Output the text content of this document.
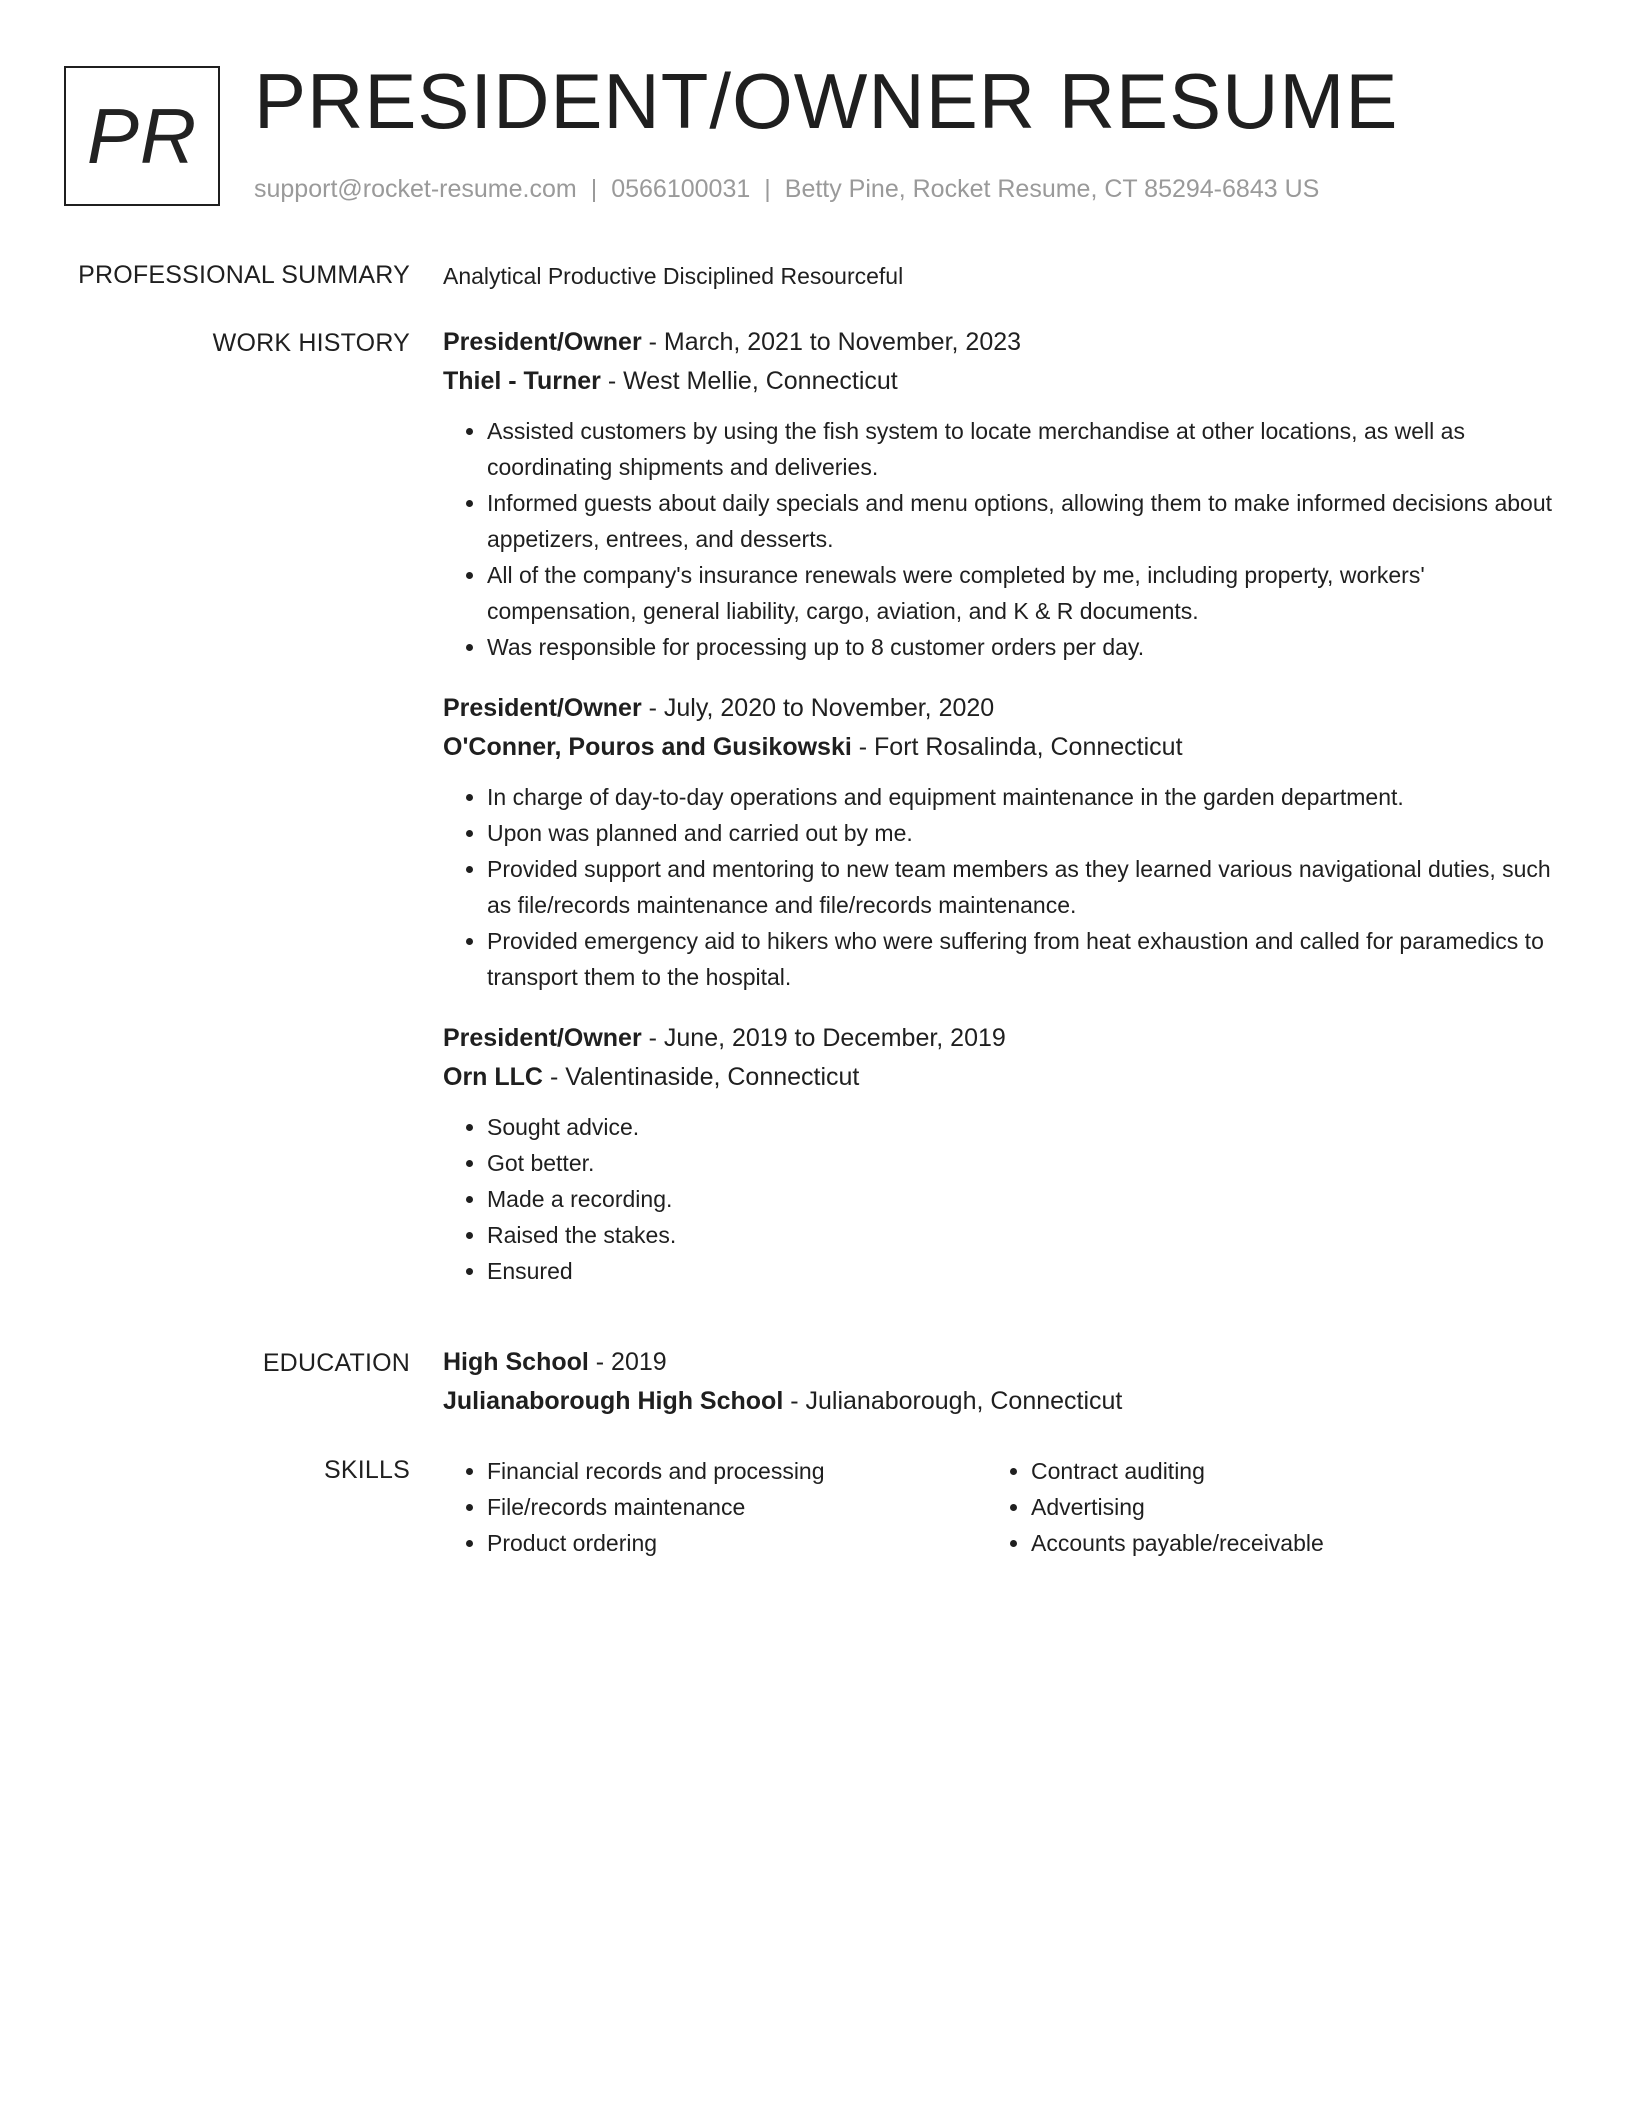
PR PRESIDENT/OWNER RESUME
support@rocket-resume.com | 0566100031 | Betty Pine, Rocket Resume, CT 85294-6843 US
PROFESSIONAL SUMMARY Analytical Productive Disciplined Resourceful
WORK HISTORY President/Owner - March, 2021 to November, 2023
Thiel - Turner - West Mellie, Connecticut
• Assisted customers by using the fish system to locate merchandise at other locations, as well as coordinating shipments and deliveries.
• Informed guests about daily specials and menu options, allowing them to make informed decisions about appetizers, entrees, and desserts.
• All of the company's insurance renewals were completed by me, including property, workers' compensation, general liability, cargo, aviation, and K & R documents.
• Was responsible for processing up to 8 customer orders per day.
President/Owner - July, 2020 to November, 2020
O'Conner, Pouros and Gusikowski - Fort Rosalinda, Connecticut
• In charge of day-to-day operations and equipment maintenance in the garden department.
• Upon was planned and carried out by me.
• Provided support and mentoring to new team members as they learned various navigational duties, such as file/records maintenance and file/records maintenance.
• Provided emergency aid to hikers who were suffering from heat exhaustion and called for paramedics to transport them to the hospital.
President/Owner - June, 2019 to December, 2019
Orn LLC - Valentinaside, Connecticut
• Sought advice.
• Got better.
• Made a recording.
• Raised the stakes.
• Ensured
EDUCATION High School - 2019
Julianaborough High School - Julianaborough, Connecticut
SKILLS
•	Financial records and processing
• File/records maintenance
• Product ordering
• Contract auditing
• Advertising
• Accounts payable/receivable
